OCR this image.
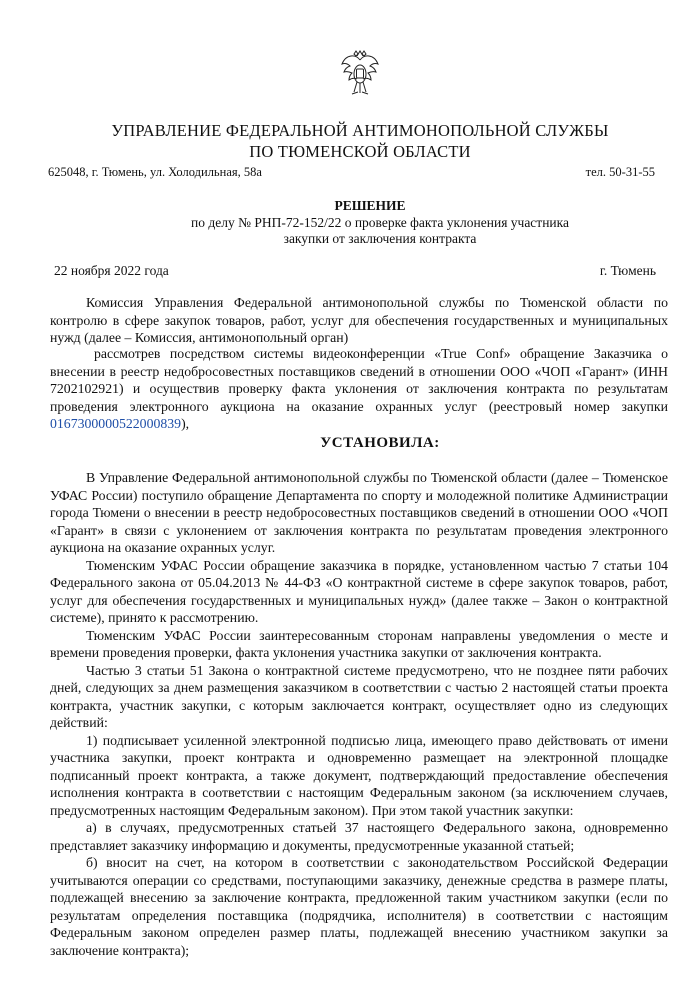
УПРАВЛЕНИЕ ФЕДЕРАЛЬНОЙ АНТИМОНОПОЛЬНОЙ СЛУЖБЫ
ПО ТЮМЕНСКОЙ ОБЛАСТИ
625048, г. Тюмень, ул. Холодильная, 58а	тел. 50-31-55
РЕШЕНИЕ
по делу № РНП-72-152/22 о проверке факта уклонения участника
закупки от заключения контракта
22 ноября 2022 года	г. Тюмень

Комиссия Управления Федеральной антимонопольной службы по Тюменской области по контролю в сфере закупок товаров, работ, услуг для обеспечения государственных и муниципальных нужд (далее – Комиссия, антимонопольный орган)

рассмотрев посредством системы видеоконференции «True Conf» обращение Заказчика о внесении в реестр недобросовестных поставщиков сведений в отношении ООО «ЧОП «Гарант» (ИНН 7202102921) и осуществив проверку факта уклонения от заключения контракта по результатам проведения электронного аукциона на оказание охранных услуг (реестровый номер закупки 0167300000522000839),

УСТАНОВИЛА:

В Управление Федеральной антимонопольной службы по Тюменской области (далее – Тюменское УФАС России) поступило обращение Департамента по спорту и молодежной политике Администрации города Тюмени о внесении в реестр недобросовестных поставщиков сведений в отношении ООО «ЧОП «Гарант» в связи с уклонением от заключения контракта по результатам проведения электронного аукциона на оказание охранных услуг.

Тюменским УФАС России обращение заказчика в порядке, установленном частью 7 статьи 104 Федерального закона от 05.04.2013 № 44-ФЗ «О контрактной системе в сфере закупок товаров, работ, услуг для обеспечения государственных и муниципальных нужд» (далее также – Закон о контрактной системе), принято к рассмотрению.

Тюменским УФАС России заинтересованным сторонам направлены уведомления о месте и времени проведения проверки, факта уклонения участника закупки от заключения контракта.

Частью 3 статьи 51 Закона о контрактной системе предусмотрено, что не позднее пяти рабочих дней, следующих за днем размещения заказчиком в соответствии с частью 2 настоящей статьи проекта контракта, участник закупки, с которым заключается контракт, осуществляет одно из следующих действий:

1) подписывает усиленной электронной подписью лица, имеющего право действовать от имени участника закупки, проект контракта и одновременно размещает на электронной площадке подписанный проект контракта, а также документ, подтверждающий предоставление обеспечения исполнения контракта в соответствии с настоящим Федеральным законом (за исключением случаев, предусмотренных настоящим Федеральным законом). При этом такой участник закупки:

а) в случаях, предусмотренных статьей 37 настоящего Федерального закона, одновременно представляет заказчику информацию и документы, предусмотренные указанной статьей;

б) вносит на счет, на котором в соответствии с законодательством Российской Федерации учитываются операции со средствами, поступающими заказчику, денежные средства в размере платы, подлежащей внесению за заключение контракта, предложенной таким участником закупки (если по результатам определения поставщика (подрядчика, исполнителя) в соответствии с настоящим Федеральным законом определен размер платы, подлежащей внесению участником закупки за заключение контракта);
